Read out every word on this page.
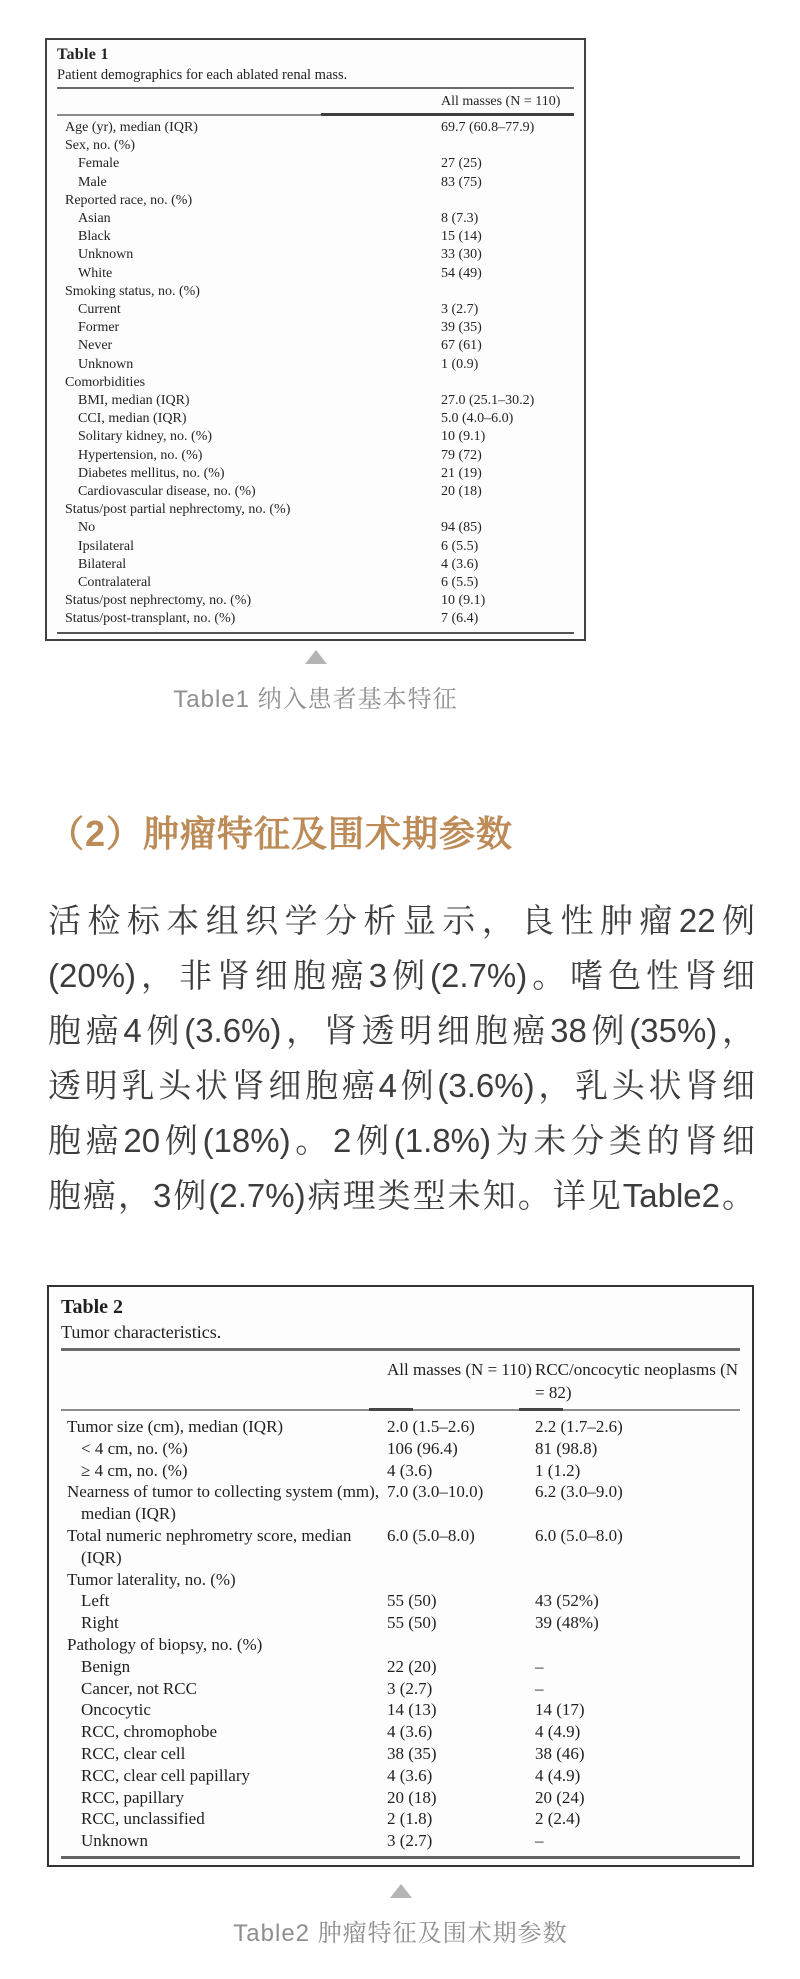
Table 1
Patient demographics for each ablated renal mass.
All masses (N = 110)
Age (yr), median (IQR)	69.7 (60.8–77.9)
Sex, no. (%)
Female	27 (25)
Male	83 (75)
Reported race, no. (%)
Asian	8 (7.3)
Black	15 (14)
Unknown	33 (30)
White	54 (49)
Smoking status, no. (%)
Current	3 (2.7)
Former	39 (35)
Never	67 (61)
Unknown	1 (0.9)
Comorbidities
BMI, median (IQR)	27.0 (25.1–30.2)
CCI, median (IQR)	5.0 (4.0–6.0)
Solitary kidney, no. (%)	10 (9.1)
Hypertension, no. (%)	79 (72)
Diabetes mellitus, no. (%)	21 (19)
Cardiovascular disease, no. (%)	20 (18)
Status/post partial nephrectomy, no. (%)
No	94 (85)
Ipsilateral	6 (5.5)
Bilateral	4 (3.6)
Contralateral	6 (5.5)
Status/post nephrectomy, no. (%)	10 (9.1)
Status/post-transplant, no. (%)	7 (6.4)
Table1 纳入患者基本特征
（2）肿瘤特征及围术期参数
活检标本组织学分析显示，良性肿瘤22例
(20%)，非肾细胞癌3例(2.7%)。嗜色性肾细
胞癌4例(3.6%)，肾透明细胞癌38例(35%)，
透明乳头状肾细胞癌4例(3.6%)，乳头状肾细
胞癌20例(18%)。2例(1.8%)为未分类的肾细
胞癌，3例(2.7%)病理类型未知。详见Table2。
Table 2
Tumor characteristics.
All masses (N = 110) RCC/oncocytic neoplasms (N = 82)
Tumor size (cm), median (IQR)	2.0 (1.5–2.6)	2.2 (1.7–2.6)
< 4 cm, no. (%)	106 (96.4)	81 (98.8)
≥ 4 cm, no. (%)	4 (3.6)	1 (1.2)
Nearness of tumor to collecting system (mm), median (IQR)
7.0 (3.0–10.0)	6.2 (3.0–9.0)
Total numeric nephrometry score, median (IQR)
6.0 (5.0–8.0)	6.0 (5.0–8.0)
Tumor laterality, no. (%)
Left	55 (50)	43 (52%)
Right	55 (50)	39 (48%)
Pathology of biopsy, no. (%)
Benign	22 (20)	–
Cancer, not RCC	3 (2.7)	–
Oncocytic	14 (13)	14 (17)
RCC, chromophobe	4 (3.6)	4 (4.9)
RCC, clear cell	38 (35)	38 (46)
RCC, clear cell papillary	4 (3.6)	4 (4.9)
RCC, papillary	20 (18)	20 (24)
RCC, unclassified	2 (1.8)	2 (2.4)
Unknown	3 (2.7)	–
Table2 肿瘤特征及围术期参数
